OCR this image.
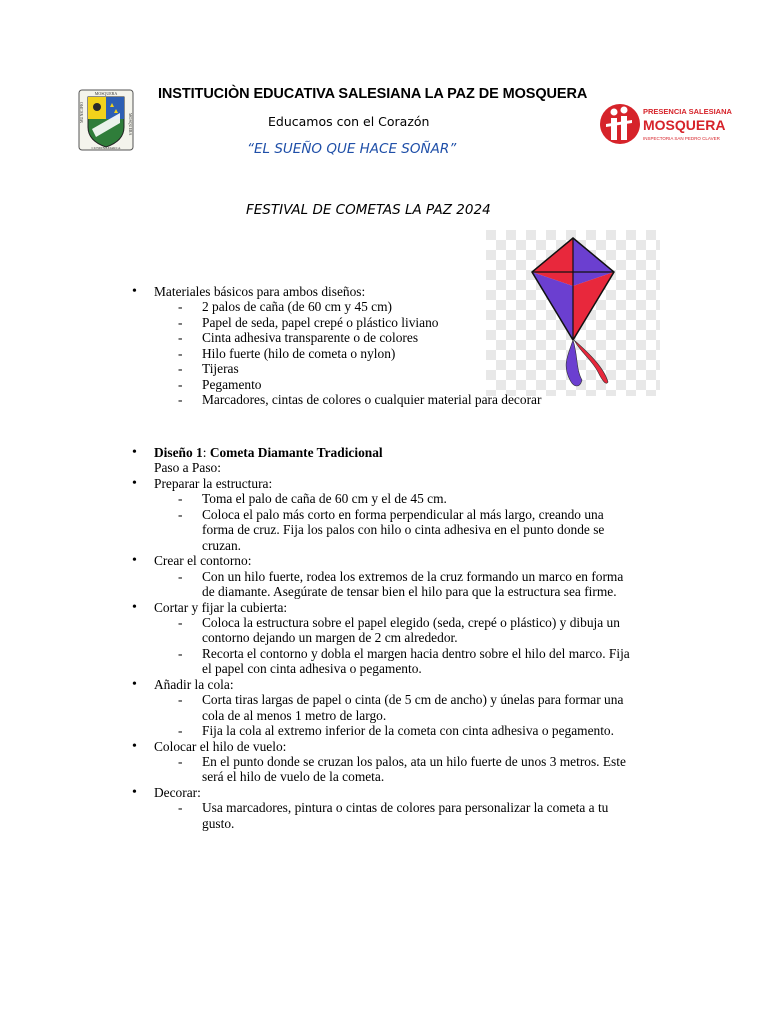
MUNICIPIO
MOSQUERA
MOSQUERA
CUNDINAMARCA
INSTITUCIÒN EDUCATIVA SALESIANA LA PAZ DE MOSQUERA
Educamos con el Corazón
“EL SUEÑO QUE HACE SOÑAR”
PRESENCIA SALESIANA
MOSQUERA
INSPECTORIA SAN PEDRO CLAVER
FESTIVAL DE COMETAS LA PAZ 2024
• Materiales básicos para ambos diseños:
- 2 palos de caña (de 60 cm y 45 cm)
- Papel de seda, papel crepé o plástico liviano
- Cinta adhesiva transparente o de colores
- Hilo fuerte (hilo de cometa o nylon)
- Tijeras
- Pegamento
- Marcadores, cintas de colores o cualquier material para decorar
• Diseño 1: Cometa Diamante Tradicional
Paso a Paso:
• Preparar la estructura:
- Toma el palo de caña de 60 cm y el de 45 cm.
- Coloca el palo más corto en forma perpendicular al más largo, creando una
forma de cruz. Fija los palos con hilo o cinta adhesiva en el punto donde se
cruzan.
• Crear el contorno:
- Con un hilo fuerte, rodea los extremos de la cruz formando un marco en forma
de diamante. Asegúrate de tensar bien el hilo para que la estructura sea firme.
• Cortar y fijar la cubierta:
- Coloca la estructura sobre el papel elegido (seda, crepé o plástico) y dibuja un
contorno dejando un margen de 2 cm alrededor.
- Recorta el contorno y dobla el margen hacia dentro sobre el hilo del marco. Fija
el papel con cinta adhesiva o pegamento.
• Añadir la cola:
- Corta tiras largas de papel o cinta (de 5 cm de ancho) y únelas para formar una
cola de al menos 1 metro de largo.
- Fija la cola al extremo inferior de la cometa con cinta adhesiva o pegamento.
• Colocar el hilo de vuelo:
- En el punto donde se cruzan los palos, ata un hilo fuerte de unos 3 metros. Este
será el hilo de vuelo de la cometa.
• Decorar:
- Usa marcadores, pintura o cintas de colores para personalizar la cometa a tu
gusto.
